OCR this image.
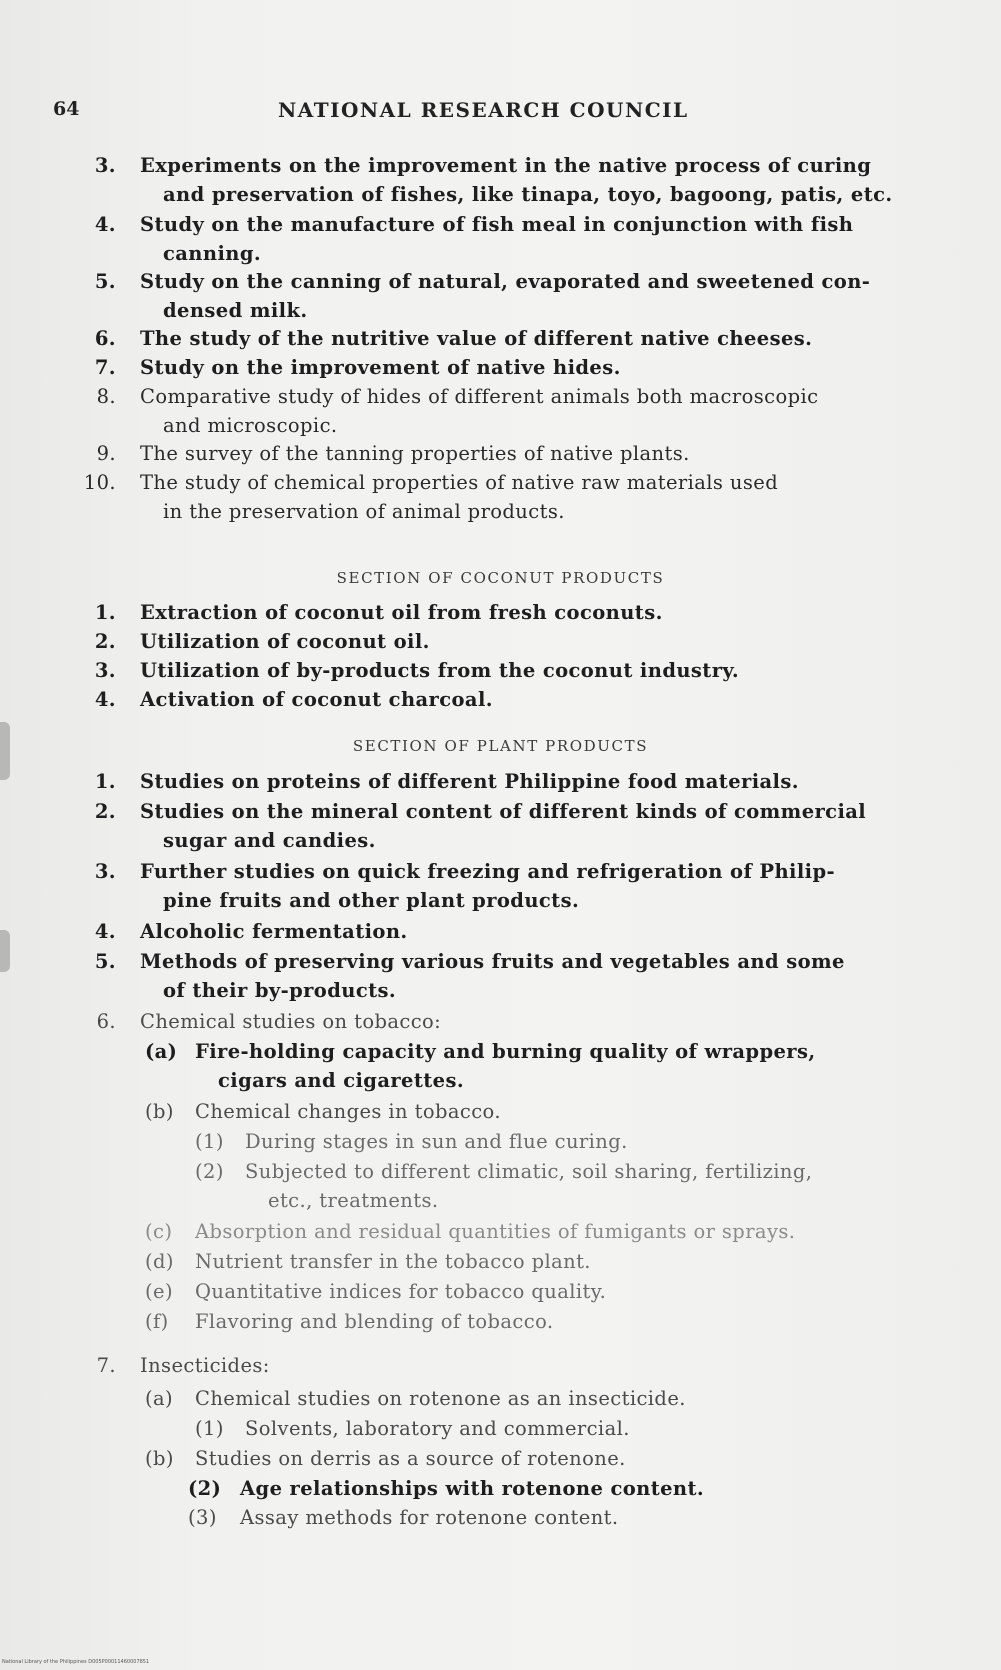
64	NATIONAL RESEARCH COUNCIL
3. Experiments on the improvement in the native process of curing
and preservation of fishes, like tinapa, toyo, bagoong, patis, etc.
4. Study on the manufacture of fish meal in conjunction with fish
canning.
5. Study on the canning of natural, evaporated and sweetened con-
densed milk.
6. The study of the nutritive value of different native cheeses.
7. Study on the improvement of native hides.
8. Comparative study of hides of different animals both macroscopic
and microscopic.
9. The survey of the tanning properties of native plants.
10. The study of chemical properties of native raw materials used
in the preservation of animal products.
SECTION OF COCONUT PRODUCTS
1. Extraction of coconut oil from fresh coconuts.
2. Utilization of coconut oil.
3. Utilization of by-products from the coconut industry.
4. Activation of coconut charcoal.
SECTION OF PLANT PRODUCTS
1. Studies on proteins of different Philippine food materials.
2. Studies on the mineral content of different kinds of commercial
sugar and candies.
3. Further studies on quick freezing and refrigeration of Philip-
pine fruits and other plant products.
4. Alcoholic fermentation.
5. Methods of preserving various fruits and vegetables and some
of their by-products.
6. Chemical studies on tobacco:
(a) Fire-holding capacity and burning quality of wrappers,
cigars and cigarettes.
(b) Chemical changes in tobacco.
(1) During stages in sun and flue curing.
(2) Subjected to different climatic, soil sharing, fertilizing,
etc., treatments.
(c) Absorption and residual quantities of fumigants or sprays.
(d) Nutrient transfer in the tobacco plant.
(e) Quantitative indices for tobacco quality.
(f) Flavoring and blending of tobacco.
7. Insecticides:
(a) Chemical studies on rotenone as an insecticide.
(1) Solvents, laboratory and commercial.
(b) Studies on derris as a source of rotenone.
(2) Age relationships with rotenone content.
(3) Assay methods for rotenone content.
National Library of the Philippines D005P00011460007851
